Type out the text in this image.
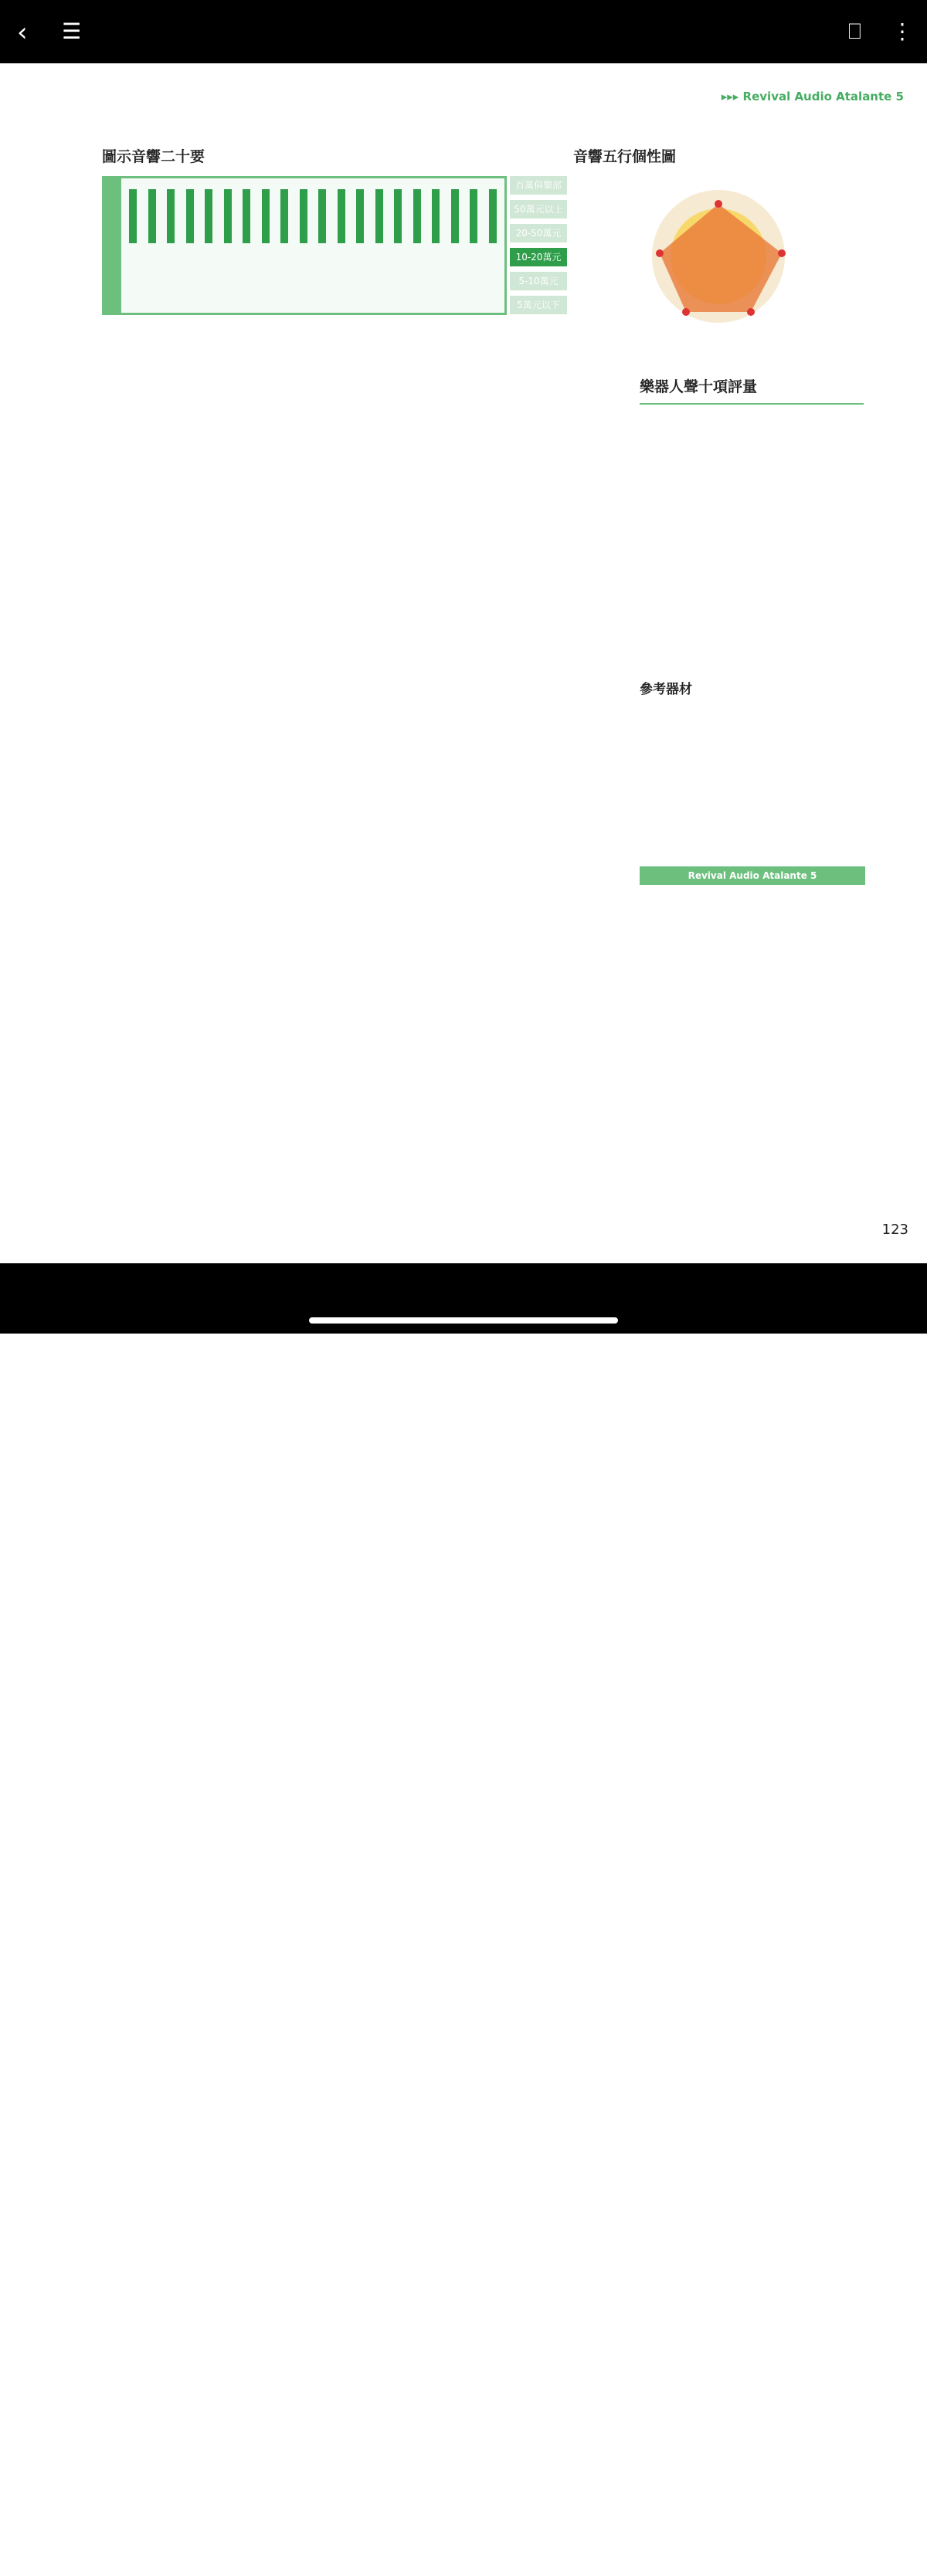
‹ ☰	⎕ ⋮
▸▸▸ Revival Audio Atalante 5
圖示音響二十要
百萬俱樂部
50萬元以上
20-50萬元
10-20萬元
5-10萬元
5萬元以下
音響五行個性圖
樂器人聲十項評量
參考器材
Revival Audio Atalante 5
123
耳机俱乐部论坛
